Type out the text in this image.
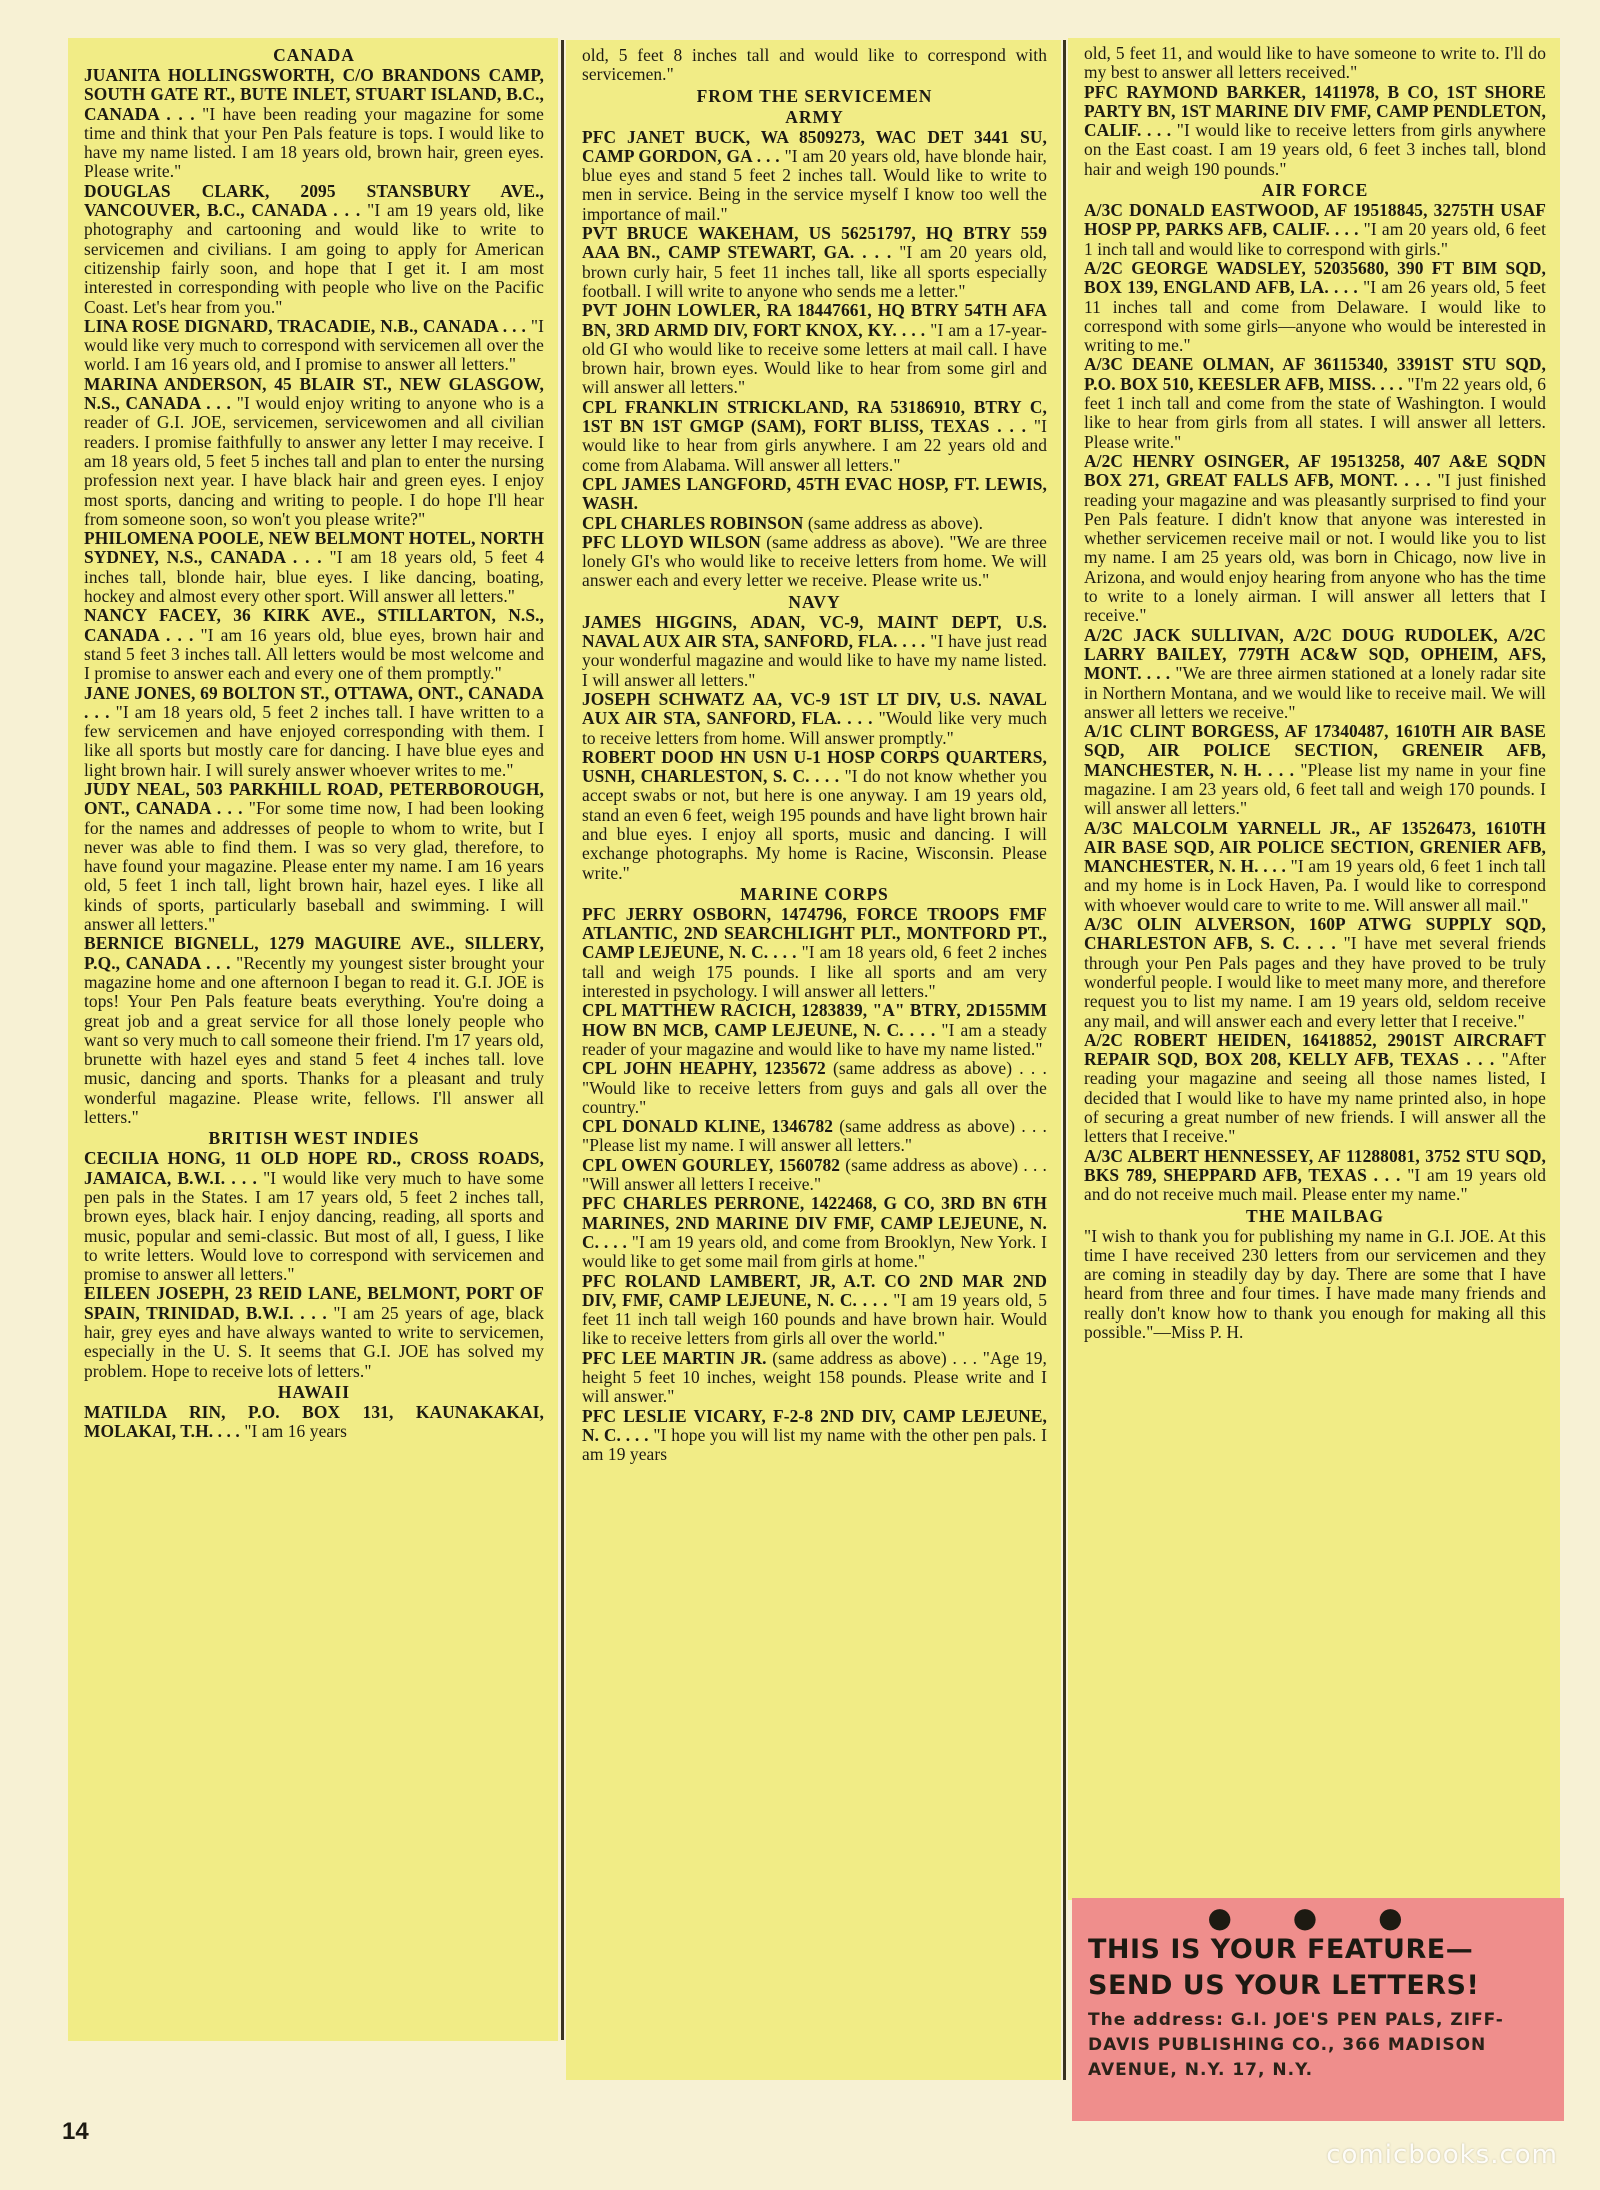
CANADA

JUANITA HOLLINGSWORTH, C/O BRANDONS CAMP, SOUTH GATE RT., BUTE INLET, STUART ISLAND, B.C., CANADA . . . "I have been reading your magazine for some time and think that your Pen Pals feature is tops. I would like to have my name listed. I am 18 years old, brown hair, green eyes. Please write."

DOUGLAS CLARK, 2095 STANSBURY AVE., VANCOUVER, B.C., CANADA . . . "I am 19 years old, like photography and cartooning and would like to write to servicemen and civilians. I am going to apply for American citizenship fairly soon, and hope that I get it. I am most interested in corresponding with people who live on the Pacific Coast. Let's hear from you."

LINA ROSE DIGNARD, TRACADIE, N.B., CANADA . . . "I would like very much to correspond with servicemen all over the world. I am 16 years old, and I promise to answer all letters."

MARINA ANDERSON, 45 BLAIR ST., NEW GLASGOW, N.S., CANADA . . . "I would enjoy writing to anyone who is a reader of G.I. JOE, servicemen, servicewomen and all civilian readers. I promise faithfully to answer any letter I may receive. I am 18 years old, 5 feet 5 inches tall and plan to enter the nursing profession next year. I have black hair and green eyes. I enjoy most sports, dancing and writing to people. I do hope I'll hear from someone soon, so won't you please write?"

PHILOMENA POOLE, NEW BELMONT HOTEL, NORTH SYDNEY, N.S., CANADA . . . "I am 18 years old, 5 feet 4 inches tall, blonde hair, blue eyes. I like dancing, boating, hockey and almost every other sport. Will answer all letters."

NANCY FACEY, 36 KIRK AVE., STILLARTON, N.S., CANADA . . . "I am 16 years old, blue eyes, brown hair and stand 5 feet 3 inches tall. All letters would be most welcome and I promise to answer each and every one of them promptly."

JANE JONES, 69 BOLTON ST., OTTAWA, ONT., CANADA . . . "I am 18 years old, 5 feet 2 inches tall. I have written to a few servicemen and have enjoyed corresponding with them. I like all sports but mostly care for dancing. I have blue eyes and light brown hair. I will surely answer whoever writes to me."

JUDY NEAL, 503 PARKHILL ROAD, PETERBOROUGH, ONT., CANADA . . . "For some time now, I had been looking for the names and addresses of people to whom to write, but I never was able to find them. I was so very glad, therefore, to have found your magazine. Please enter my name. I am 16 years old, 5 feet 1 inch tall, light brown hair, hazel eyes. I like all kinds of sports, particularly baseball and swimming. I will answer all letters."

BERNICE BIGNELL, 1279 MAGUIRE AVE., SILLERY, P.Q., CANADA . . . "Recently my youngest sister brought your magazine home and one afternoon I began to read it. G.I. JOE is tops! Your Pen Pals feature beats everything. You're doing a great job and a great service for all those lonely people who want so very much to call someone their friend. I'm 17 years old, brunette with hazel eyes and stand 5 feet 4 inches tall. love music, dancing and sports. Thanks for a pleasant and truly wonderful magazine. Please write, fellows. I'll answer all letters."

BRITISH WEST INDIES

CECILIA HONG, 11 OLD HOPE RD., CROSS ROADS, JAMAICA, B.W.I. . . . "I would like very much to have some pen pals in the States. I am 17 years old, 5 feet 2 inches tall, brown eyes, black hair. I enjoy dancing, reading, all sports and music, popular and semi-classic. But most of all, I guess, I like to write letters. Would love to correspond with servicemen and promise to answer all letters."

EILEEN JOSEPH, 23 REID LANE, BELMONT, PORT OF SPAIN, TRINIDAD, B.W.I. . . . "I am 25 years of age, black hair, grey eyes and have always wanted to write to servicemen, especially in the U. S. It seems that G.I. JOE has solved my problem. Hope to receive lots of letters."

HAWAII

MATILDA RIN, P.O. BOX 131, KAUNAKAKAI, MOLAKAI, T.H. . . . "I am 16 years

old, 5 feet 8 inches tall and would like to correspond with servicemen."

FROM THE SERVICEMEN
ARMY

PFC JANET BUCK, WA 8509273, WAC DET 3441 SU, CAMP GORDON, GA . . . "I am 20 years old, have blonde hair, blue eyes and stand 5 feet 2 inches tall. Would like to write to men in service. Being in the service myself I know too well the importance of mail."

PVT BRUCE WAKEHAM, US 56251797, HQ BTRY 559 AAA BN., CAMP STEWART, GA. . . . "I am 20 years old, brown curly hair, 5 feet 11 inches tall, like all sports especially football. I will write to anyone who sends me a letter."

PVT JOHN LOWLER, RA 18447661, HQ BTRY 54TH AFA BN, 3RD ARMD DIV, FORT KNOX, KY. . . . "I am a 17-year-old GI who would like to receive some letters at mail call. I have brown hair, brown eyes. Would like to hear from some girl and will answer all letters."

CPL FRANKLIN STRICKLAND, RA 53186910, BTRY C, 1ST BN 1ST GMGP (SAM), FORT BLISS, TEXAS . . . "I would like to hear from girls anywhere. I am 22 years old and come from Alabama. Will answer all letters."

CPL JAMES LANGFORD, 45TH EVAC HOSP, FT. LEWIS, WASH.

CPL CHARLES ROBINSON (same address as above).

PFC LLOYD WILSON (same address as above). "We are three lonely GI's who would like to receive letters from home. We will answer each and every letter we receive. Please write us."

NAVY

JAMES HIGGINS, ADAN, VC-9, MAINT DEPT, U.S. NAVAL AUX AIR STA, SANFORD, FLA. . . . "I have just read your wonderful magazine and would like to have my name listed. I will answer all letters."

JOSEPH SCHWATZ AA, VC-9 1ST LT DIV, U.S. NAVAL AUX AIR STA, SANFORD, FLA. . . . "Would like very much to receive letters from home. Will answer promptly."

ROBERT DOOD HN USN U-1 HOSP CORPS QUARTERS, USNH, CHARLESTON, S. C. . . . "I do not know whether you accept swabs or not, but here is one anyway. I am 19 years old, stand an even 6 feet, weigh 195 pounds and have light brown hair and blue eyes. I enjoy all sports, music and dancing. I will exchange photographs. My home is Racine, Wisconsin. Please write."

MARINE CORPS

PFC JERRY OSBORN, 1474796, FORCE TROOPS FMF ATLANTIC, 2ND SEARCHLIGHT PLT., MONTFORD PT., CAMP LEJEUNE, N. C. . . . "I am 18 years old, 6 feet 2 inches tall and weigh 175 pounds. I like all sports and am very interested in psychology. I will answer all letters."

CPL MATTHEW RACICH, 1283839, "A" BTRY, 2D155MM HOW BN MCB, CAMP LEJEUNE, N. C. . . . "I am a steady reader of your magazine and would like to have my name listed."

CPL JOHN HEAPHY, 1235672 (same address as above) . . . "Would like to receive letters from guys and gals all over the country."

CPL DONALD KLINE, 1346782 (same address as above) . . . "Please list my name. I will answer all letters."

CPL OWEN GOURLEY, 1560782 (same address as above) . . . "Will answer all letters I receive."

PFC CHARLES PERRONE, 1422468, G CO, 3RD BN 6TH MARINES, 2ND MARINE DIV FMF, CAMP LEJEUNE, N. C. . . . "I am 19 years old, and come from Brooklyn, New York. I would like to get some mail from girls at home."

PFC ROLAND LAMBERT, JR, A.T. CO 2ND MAR 2ND DIV, FMF, CAMP LEJEUNE, N. C. . . . "I am 19 years old, 5 feet 11 inch tall weigh 160 pounds and have brown hair. Would like to receive letters from girls all over the world."

PFC LEE MARTIN JR. (same address as above) . . . "Age 19, height 5 feet 10 inches, weight 158 pounds. Please write and I will answer."

PFC LESLIE VICARY, F-2-8 2ND DIV, CAMP LEJEUNE, N. C. . . . "I hope you will list my name with the other pen pals. I am 19 years

old, 5 feet 11, and would like to have someone to write to. I'll do my best to answer all letters received."

PFC RAYMOND BARKER, 1411978, B CO, 1ST SHORE PARTY BN, 1ST MARINE DIV FMF, CAMP PENDLETON, CALIF. . . . "I would like to receive letters from girls anywhere on the East coast. I am 19 years old, 6 feet 3 inches tall, blond hair and weigh 190 pounds."

AIR FORCE

A/3C DONALD EASTWOOD, AF 19518845, 3275TH USAF HOSP PP, PARKS AFB, CALIF. . . . "I am 20 years old, 6 feet 1 inch tall and would like to correspond with girls."

A/2C GEORGE WADSLEY, 52035680, 390 FT BIM SQD, BOX 139, ENGLAND AFB, LA. . . . "I am 26 years old, 5 feet 11 inches tall and come from Delaware. I would like to correspond with some girls—anyone who would be interested in writing to me."

A/3C DEANE OLMAN, AF 36115340, 3391ST STU SQD, P.O. BOX 510, KEESLER AFB, MISS. . . . "I'm 22 years old, 6 feet 1 inch tall and come from the state of Washington. I would like to hear from girls from all states. I will answer all letters. Please write."

A/2C HENRY OSINGER, AF 19513258, 407 A&E SQDN BOX 271, GREAT FALLS AFB, MONT. . . . "I just finished reading your magazine and was pleasantly surprised to find your Pen Pals feature. I didn't know that anyone was interested in whether servicemen receive mail or not. I would like you to list my name. I am 25 years old, was born in Chicago, now live in Arizona, and would enjoy hearing from anyone who has the time to write to a lonely airman. I will answer all letters that I receive."

A/2C JACK SULLIVAN, A/2C DOUG RUDOLEK, A/2C LARRY BAILEY, 779TH AC&W SQD, OPHEIM, AFS, MONT. . . . "We are three airmen stationed at a lonely radar site in Northern Montana, and we would like to receive mail. We will answer all letters we receive."

A/1C CLINT BORGESS, AF 17340487, 1610TH AIR BASE SQD, AIR POLICE SECTION, GRENEIR AFB, MANCHESTER, N. H. . . . "Please list my name in your fine magazine. I am 23 years old, 6 feet tall and weigh 170 pounds. I will answer all letters."

A/3C MALCOLM YARNELL JR., AF 13526473, 1610TH AIR BASE SQD, AIR POLICE SECTION, GRENIER AFB, MANCHESTER, N. H. . . . "I am 19 years old, 6 feet 1 inch tall and my home is in Lock Haven, Pa. I would like to correspond with whoever would care to write to me. Will answer all mail."

A/3C OLIN ALVERSON, 160P ATWG SUPPLY SQD, CHARLESTON AFB, S. C. . . . "I have met several friends through your Pen Pals pages and they have proved to be truly wonderful people. I would like to meet many more, and therefore request you to list my name. I am 19 years old, seldom receive any mail, and will answer each and every letter that I receive."

A/2C ROBERT HEIDEN, 16418852, 2901ST AIRCRAFT REPAIR SQD, BOX 208, KELLY AFB, TEXAS . . . "After reading your magazine and seeing all those names listed, I decided that I would like to have my name printed also, in hope of securing a great number of new friends. I will answer all the letters that I receive."

A/3C ALBERT HENNESSEY, AF 11288081, 3752 STU SQD, BKS 789, SHEPPARD AFB, TEXAS . . . "I am 19 years old and do not receive much mail. Please enter my name."

THE MAILBAG

"I wish to thank you for publishing my name in G.I. JOE. At this time I have received 230 letters from our servicemen and they are coming in steadily day by day. There are some that I have heard from three and four times. I have made many friends and really don't know how to thank you enough for making all this possible."—Miss P. H.

● ● ●
THIS IS YOUR FEATURE—
SEND US YOUR LETTERS!
The address: G.I. JOE'S PEN PALS, ZIFF-DAVIS PUBLISHING CO., 366 MADISON AVENUE, N.Y. 17, N.Y.
14
comicbooks.com
